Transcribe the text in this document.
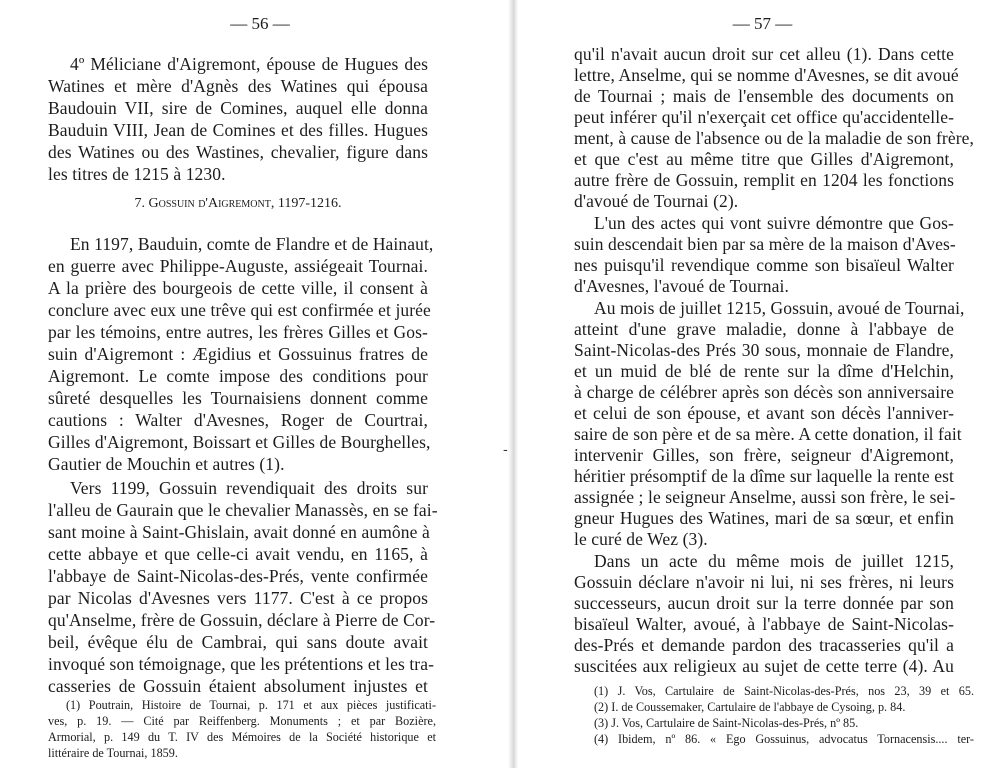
— 56 —
4º Méliciane d'Aigremont, épouse de Hugues des
Watines et mère d'Agnès des Watines qui épousa
Baudouin VII, sire de Comines, auquel elle donna
Bauduin VIII, Jean de Comines et des filles. Hugues
des Watines ou des Wastines, chevalier, figure dans
les titres de 1215 à 1230.
7. Gossuin d'Aigremont, 1197-1216.
En 1197, Bauduin, comte de Flandre et de Hainaut,
en guerre avec Philippe-Auguste, assiégeait Tournai.
A la prière des bourgeois de cette ville, il consent à
conclure avec eux une trêve qui est confirmée et jurée
par les témoins, entre autres, les frères Gilles et Gos-
suin d'Aigremont : Ægidius et Gossuinus fratres de
Aigremont. Le comte impose des conditions pour
sûreté desquelles les Tournaisiens donnent comme
cautions : Walter d'Avesnes, Roger de Courtrai,
Gilles d'Aigremont, Boissart et Gilles de Bourghelles,
Gautier de Mouchin et autres (1).
Vers 1199, Gossuin revendiquait des droits sur
l'alleu de Gaurain que le chevalier Manassès, en se fai-
sant moine à Saint-Ghislain, avait donné en aumône à
cette abbaye et que celle-ci avait vendu, en 1165, à
l'abbaye de Saint-Nicolas-des-Prés, vente confirmée
par Nicolas d'Avesnes vers 1177. C'est à ce propos
qu'Anselme, frère de Gossuin, déclare à Pierre de Cor-
beil, évêque élu de Cambrai, qui sans doute avait
invoqué son témoignage, que les prétentions et les tra-
casseries de Gossuin étaient absolument injustes et
— 57 —
qu'il n'avait aucun droit sur cet alleu (1). Dans cette
lettre, Anselme, qui se nomme d'Avesnes, se dit avoué
de Tournai ; mais de l'ensemble des documents on
peut inférer qu'il n'exerçait cet office qu'accidentelle-
ment, à cause de l'absence ou de la maladie de son frère,
et que c'est au même titre que Gilles d'Aigremont,
autre frère de Gossuin, remplit en 1204 les fonctions
d'avoué de Tournai (2).
L'un des actes qui vont suivre démontre que Gos-
suin descendait bien par sa mère de la maison d'Aves-
nes puisqu'il revendique comme son bisaïeul Walter
d'Avesnes, l'avoué de Tournai.
Au mois de juillet 1215, Gossuin, avoué de Tournai,
atteint d'une grave maladie, donne à l'abbaye de
Saint-Nicolas-des Prés 30 sous, monnaie de Flandre,
et un muid de blé de rente sur la dîme d'Helchin,
à charge de célébrer après son décès son anniversaire
et celui de son épouse, et avant son décès l'anniver-
saire de son père et de sa mère. A cette donation, il fait
intervenir Gilles, son frère, seigneur d'Aigremont,
héritier présomptif de la dîme sur laquelle la rente est
assignée ; le seigneur Anselme, aussi son frère, le sei-
gneur Hugues des Watines, mari de sa sœur, et enfin
le curé de Wez (3).
Dans un acte du même mois de juillet 1215,
Gossuin déclare n'avoir ni lui, ni ses frères, ni leurs
successeurs, aucun droit sur la terre donnée par son
bisaïeul Walter, avoué, à l'abbaye de Saint-Nicolas-
des-Prés et demande pardon des tracasseries qu'il a
suscitées aux religieux au sujet de cette terre (4). Au
(1) J. Vos, Cartulaire de Saint-Nicolas-des-Prés, nos 23, 39 et 65.
(2) I. de Coussemaker, Cartulaire de l'abbaye de Cysoing, p. 84.
(3) J. Vos, Cartulaire de Saint-Nicolas-des-Prés, nº 85.
(4) Ibidem, nº 86. « Ego Gossuinus, advocatus Tornacensis.... ter-
(1) Poutrain, Histoire de Tournai, p. 171 et aux pièces justificati-
ves, p. 19. — Cité par Reiffenberg. Monuments ; et par Bozière,
Armorial, p. 149 du T. IV des Mémoires de la Société historique et
littéraire de Tournai, 1859.
-
